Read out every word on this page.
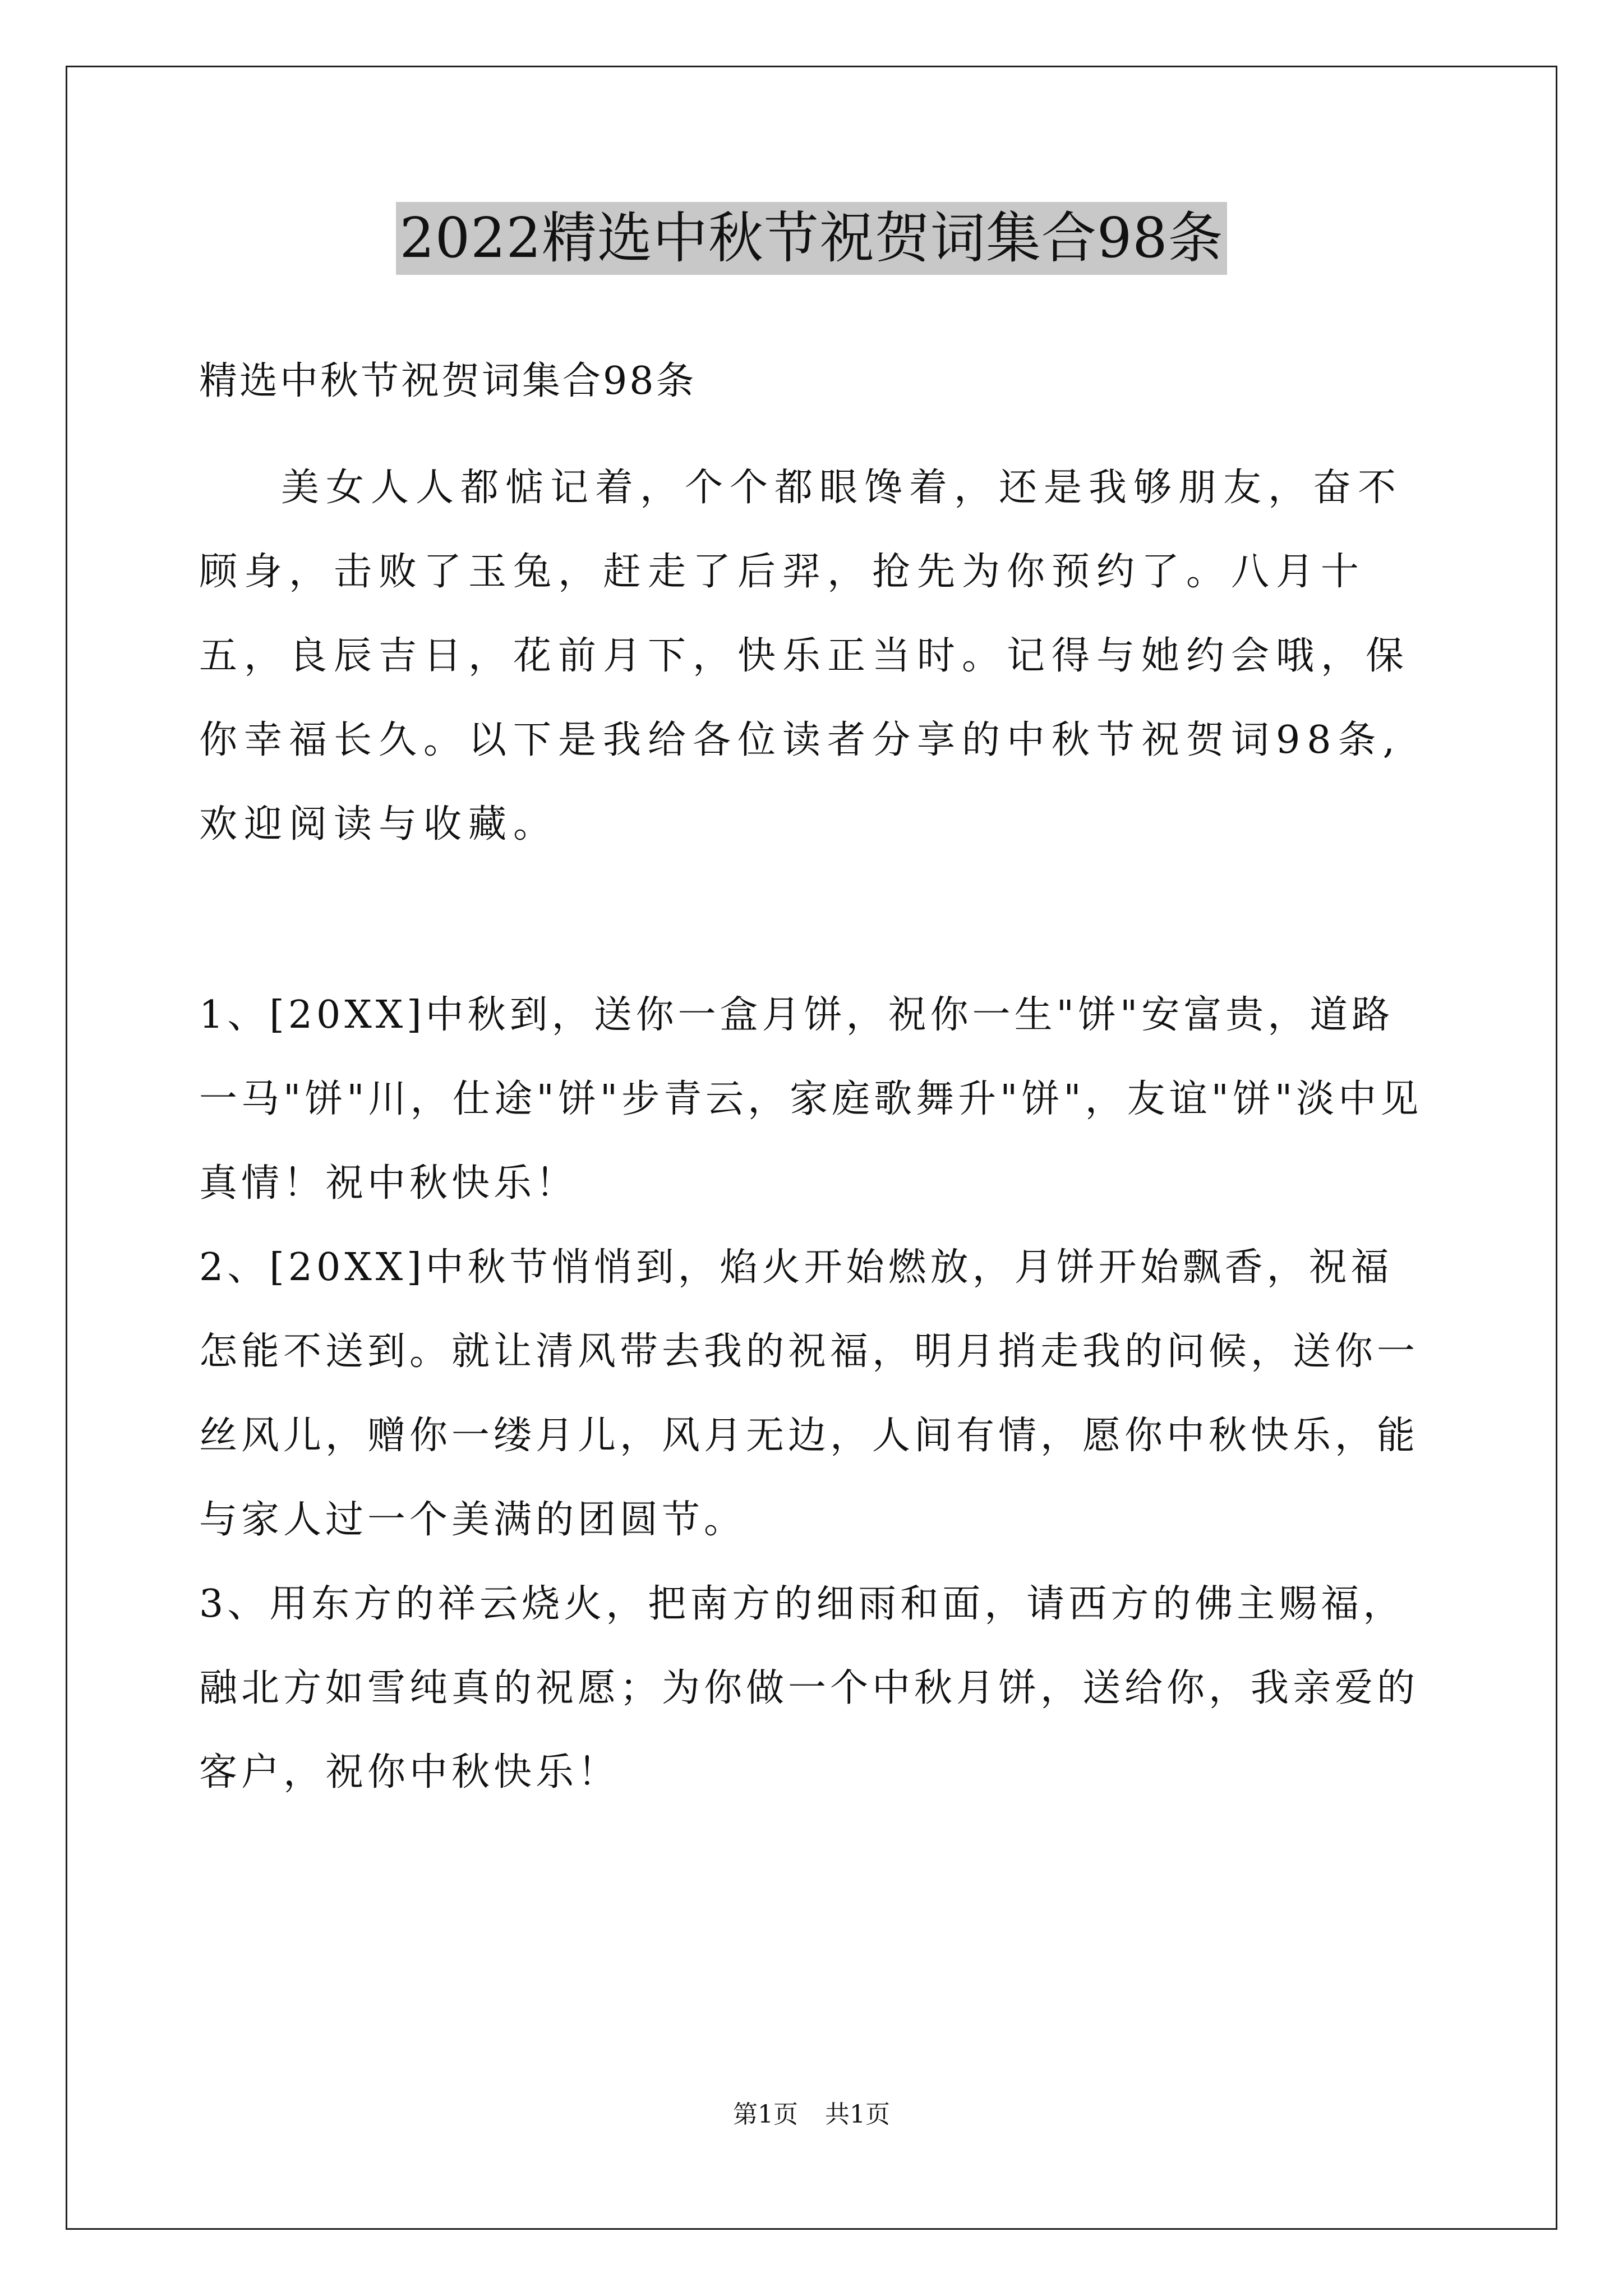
2022精选中秋节祝贺词集合98条

精选中秋节祝贺词集合98条

美女人人都惦记着，个个都眼馋着，还是我够朋友，奋不顾身，击败了玉兔，赶走了后羿，抢先为你预约了。八月十五，良辰吉日，花前月下，快乐正当时。记得与她约会哦，保你幸福长久。以下是我给各位读者分享的中秋节祝贺词98条,欢迎阅读与收藏。

1、[20XX]中秋到，送你一盒月饼，祝你一生"饼"安富贵，道路一马"饼"川，仕途"饼"步青云，家庭歌舞升"饼"，友谊"饼"淡中见真情！祝中秋快乐！

2、[20XX]中秋节悄悄到，焰火开始燃放，月饼开始飘香，祝福怎能不送到。就让清风带去我的祝福，明月捎走我的问候，送你一丝风儿，赠你一缕月儿，风月无边，人间有情，愿你中秋快乐，能与家人过一个美满的团圆节。

3、用东方的祥云烧火，把南方的细雨和面，请西方的佛主赐福，融北方如雪纯真的祝愿；为你做一个中秋月饼，送给你，我亲爱的客户，祝你中秋快乐！

第1页 共1页
